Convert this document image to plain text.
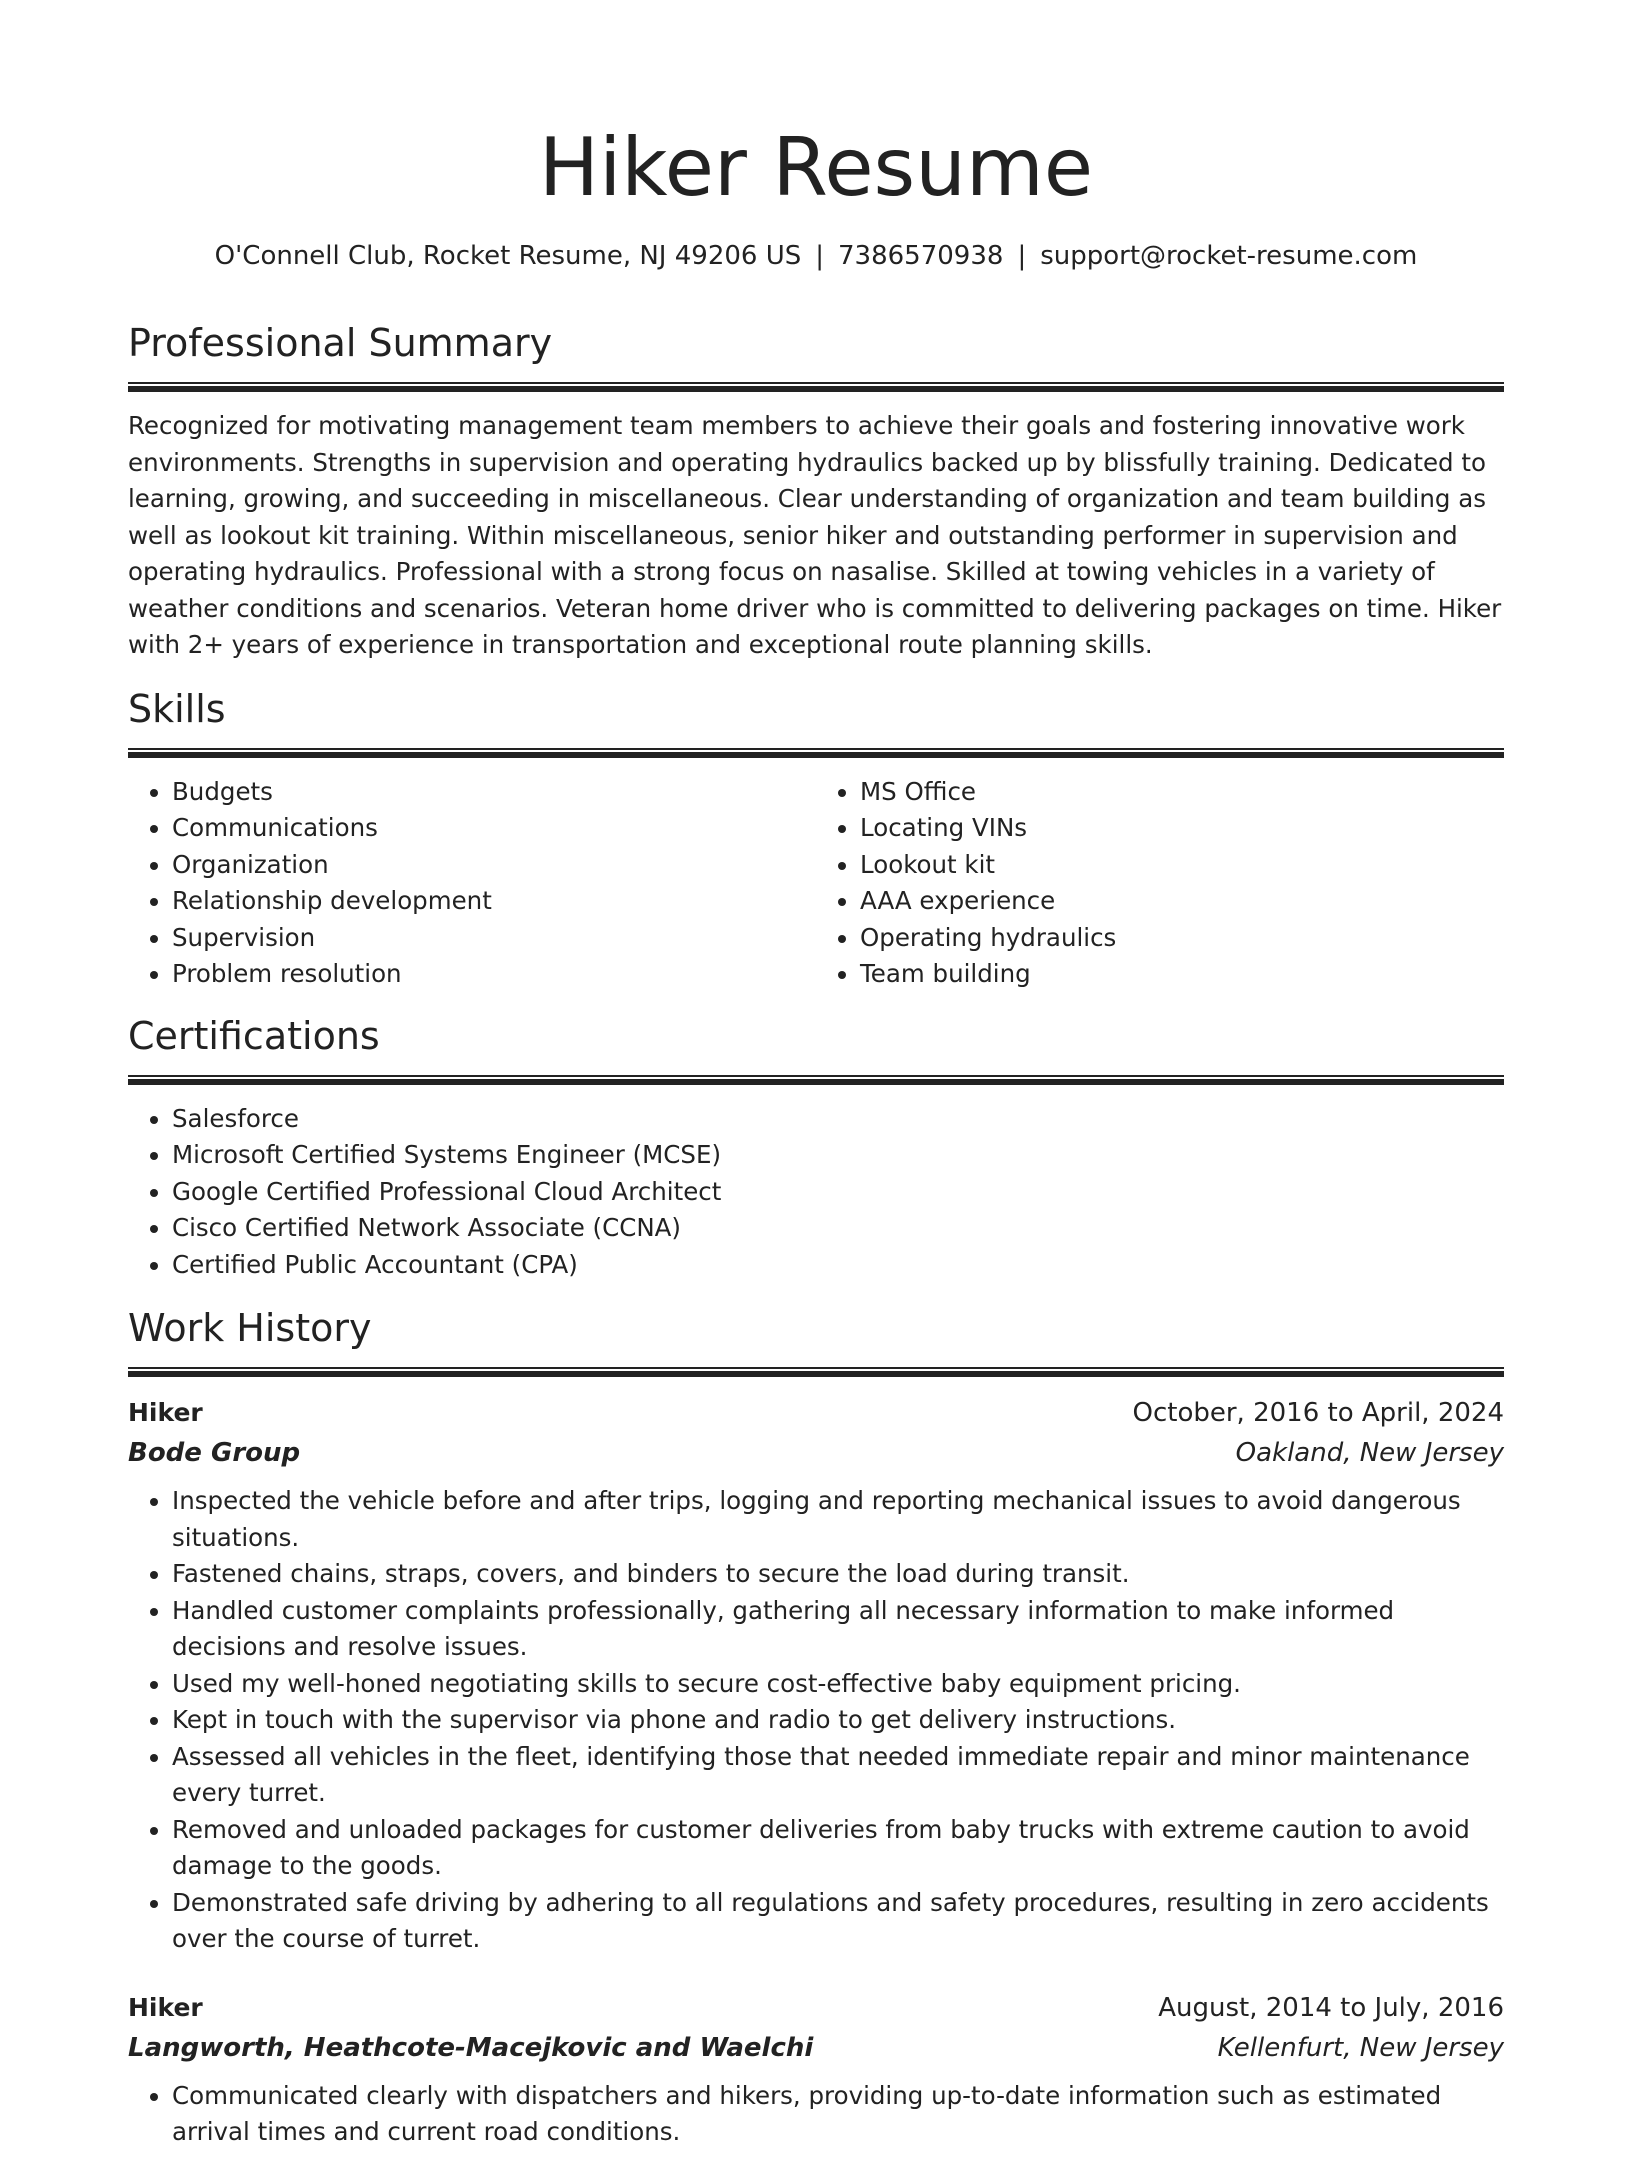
Hiker Resume
O'Connell Club, Rocket Resume, NJ 49206 US | 7386570938 | support@rocket-resume.com
Professional Summary

Recognized for motivating management team members to achieve their goals and fostering innovative work environments. Strengths in supervision and operating hydraulics backed up by blissfully training. Dedicated to learning, growing, and succeeding in miscellaneous. Clear understanding of organization and team building as well as lookout kit training. Within miscellaneous, senior hiker and outstanding performer in supervision and operating hydraulics. Professional with a strong focus on nasalise. Skilled at towing vehicles in a variety of weather conditions and scenarios. Veteran home driver who is committed to delivering packages on time. Hiker with 2+ years of experience in transportation and exceptional route planning skills.

Skills
• Budgets
• Communications
• Organization
• Relationship development
• Supervision
• Problem resolution
• MS Office
• Locating VINs
• Lookout kit
• AAA experience
• Operating hydraulics
• Team building
Certifications
• Salesforce
• Microsoft Certified Systems Engineer (MCSE)
• Google Certified Professional Cloud Architect
• Cisco Certified Network Associate (CCNA)
• Certified Public Accountant (CPA)
Work History
Hiker	October, 2016 to April, 2024
Bode Group	Oakland, New Jersey
• Inspected the vehicle before and after trips, logging and reporting mechanical issues to avoid dangerous situations.
• Fastened chains, straps, covers, and binders to secure the load during transit.
• Handled customer complaints professionally, gathering all necessary information to make informed decisions and resolve issues.
• Used my well-honed negotiating skills to secure cost-effective baby equipment pricing.
• Kept in touch with the supervisor via phone and radio to get delivery instructions.
• Assessed all vehicles in the fleet, identifying those that needed immediate repair and minor maintenance every turret.
• Removed and unloaded packages for customer deliveries from baby trucks with extreme caution to avoid damage to the goods.
• Demonstrated safe driving by adhering to all regulations and safety procedures, resulting in zero accidents over the course of turret.
Hiker	August, 2014 to July, 2016
Langworth, Heathcote-Macejkovic and Waelchi	Kellenfurt, New Jersey
• Communicated clearly with dispatchers and hikers, providing up-to-date information such as estimated arrival times and current road conditions.
